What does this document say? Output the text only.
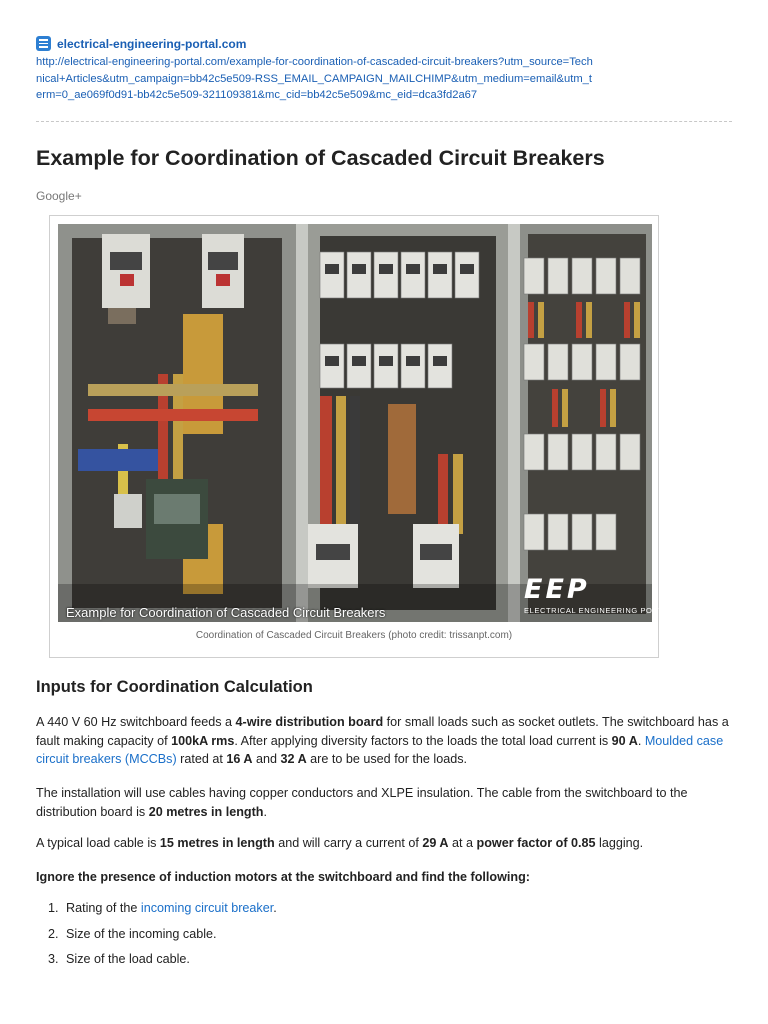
electrical-engineering-portal.com
http://electrical-engineering-portal.com/example-for-coordination-of-cascaded-circuit-breakers?utm_source=Technical+Articles&utm_campaign=bb42c5e509-RSS_EMAIL_CAMPAIGN_MAILCHIMP&utm_medium=email&utm_term=0_ae069f0d91-bb42c5e509-321109381&mc_cid=bb42c5e509&mc_eid=dca3fd2a67
Example for Coordination of Cascaded Circuit Breakers
Google+
Example for Coordination of Cascaded Circuit Breakers
EEP
ELECTRICAL ENGINEERING PORTAL
Coordination of Cascaded Circuit Breakers (photo credit: trissanpt.com)
Inputs for Coordination Calculation
A 440 V 60 Hz switchboard feeds a 4-wire distribution board for small loads such as socket outlets. The switchboard has a fault making capacity of 100kA rms. After applying diversity factors to the loads the total load current is 90 A. Moulded case circuit breakers (MCCBs) rated at 16 A and 32 A are to be used for the loads.
The installation will use cables having copper conductors and XLPE insulation. The cable from the switchboard to the distribution board is 20 metres in length.
A typical load cable is 15 metres in length and will carry a current of 29 A at a power factor of 0.85 lagging.
Ignore the presence of induction motors at the switchboard and find the following:
1. Rating of the incoming circuit breaker.
2. Size of the incoming cable.
3. Size of the load cable.
